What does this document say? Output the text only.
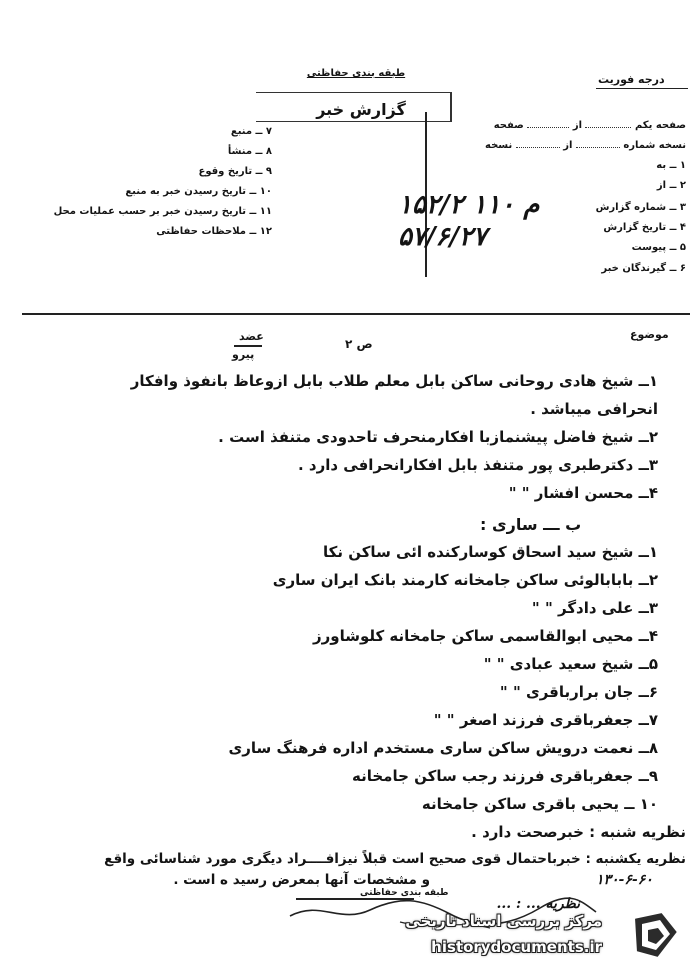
طبقه بندی حفاظتی
گزارش خبر
درجه فوریت
صفحه یکم  از  صفحه
نسخه شماره  از  نسخه
۱ ــ به
۲ ــ از
۳ ــ شماره گزارش
۴ ــ تاریخ گزارش
۵ ــ پیوست
۶ ــ گیرندگان خبر
۷ ــ منبع
۸ ــ منشأ
۹ ــ تاریخ وقوع
۱۰ ــ تاریخ رسیدن خبر به منبع
۱۱ ــ تاریخ رسیدن خبر بر حسب عملیات محل
۱۲ ــ ملاحظات حفاظتی
۱۵۲/۲ م ۱۱۰
۵۷/۶/۲۷
موضوع
عضد
پیرو
ص ۲
۱ــ شیخ هادی روحانی ساکن بابل معلم طلاب بابل ازوعاظ بانفوذ وافکار
انحرافی میباشد .
۲ــ شیخ فاضل پیشنمازبا افکارمنحرف تاحدودی متنفذ است .
۳ــ دکترطبری پور متنفذ بابل افکارانحرافی دارد .
۴ــ محسن افشار " "
ب ـــ ساری :
۱ــ شیخ سید اسحاق کوسارکنده ائی ساکن نکا
۲ــ بابابالوئی ساکن جامخانه کارمند بانک ایران ساری
۳ــ علی دادگر " "
۴ــ محیی ابوالقاسمی ساکن جامخانه کلوشاورز
۵ــ شیخ سعید عبادی " "
۶ــ جان برارباقری " "
۷ــ جعفرباقری فرزند اصغر " "
۸ــ نعمت درویش ساکن ساری مستخدم اداره فرهنگ ساری
۹ــ جعفرباقری فرزند رجب ساکن جامخانه
۱۰ ــ یحیی باقری ساکن جامخانه
نظریه شنبه : خبرصحت دارد .
نظریه یکشنبه : خبرباحتمال قوی صحیح است قبلاً نیزافــــراد دیگری مورد شناسائی واقع
و مشخصات آنها بمعرض رسید ه است .
طبقه بندی حفاظتی
۱۳۰-۶-۶۰
نظریه ... : ...
مرکز بررسی اسناد تاریخی
historydocuments.ir
